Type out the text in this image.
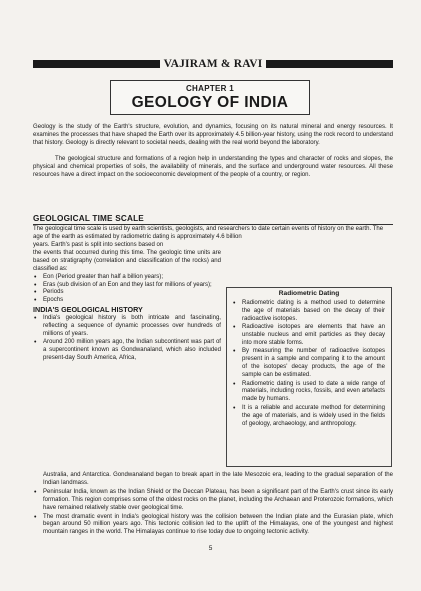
VAJIRAM & RAVI
CHAPTER 1
GEOLOGY OF INDIA
Geology is the study of the Earth's structure, evolution, and dynamics, focusing on its natural mineral and energy resources. It examines the processes that have shaped the Earth over its approximately 4.5 billion-year history, using the rock record to understand that history. Geology is directly relevant to societal needs, dealing with the real world beyond the laboratory.
The geological structure and formations of a region help in understanding the types and character of rocks and slopes, the physical and chemical properties of soils, the availability of minerals, and the surface and underground water resources. All these resources have a direct impact on the socioeconomic development of the people of a country, or region.
GEOLOGICAL TIME SCALE
The geological time scale is used by earth scientists, geologists, and researchers to date certain events of history on the earth. The age of the earth as estimated by radiometric dating is approximately 4.6 billion
years. Earth's past is split into sections based on
the events that occurred during this time. The geologic time units are based on stratigraphy (correlation and classification of the rocks) and classified as:
• Eon (Period greater than half a billion years);
• Eras (sub division of an Eon and they last for millions of years);
• Periods
• Epochs
INDIA'S GEOLOGICAL HISTORY
• India's geological history is both intricate and fascinating, reflecting a sequence of dynamic processes over hundreds of millions of years.
• Around 200 million years ago, the Indian subcontinent was part of a supercontinent known as Gondwanaland, which also included present-day South America, Africa,
Radiometric Dating
• Radiometric dating is a method used to determine the age of materials based on the decay of their radioactive isotopes.
• Radioactive isotopes are elements that have an unstable nucleus and emit particles as they decay into more stable forms.
• By measuring the number of radioactive isotopes present in a sample and comparing it to the amount of the isotopes' decay products, the age of the sample can be estimated.
• Radiometric dating is used to date a wide range of materials, including rocks, fossils, and even artefacts made by humans.
• It is a reliable and accurate method for determining the age of materials, and is widely used in the fields of geology, archaeology, and anthropology.
Australia, and Antarctica. Gondwanaland began to break apart in the late Mesozoic era, leading to the gradual separation of the Indian landmass.
• Peninsular India, known as the Indian Shield or the Deccan Plateau, has been a significant part of the Earth's crust since its early formation. This region comprises some of the oldest rocks on the planet, including the Archaean and Proterozoic formations, which have remained relatively stable over geological time.
• The most dramatic event in India's geological history was the collision between the Indian plate and the Eurasian plate, which began around 50 million years ago. This tectonic collision led to the uplift of the Himalayas, one of the youngest and highest mountain ranges in the world. The Himalayas continue to rise today due to ongoing tectonic activity.
5
